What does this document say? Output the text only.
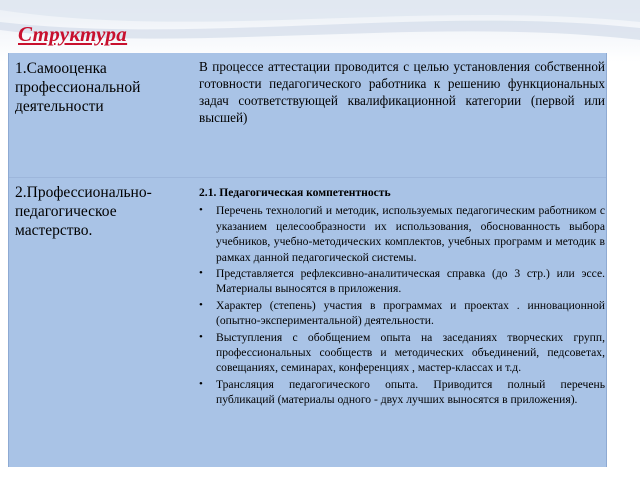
Структура
1.Самооценка профессиональной деятельности
В процессе аттестации проводится с целью установления собственной готовности педагогического работника к решению функциональных задач соответствующей квалификационной категории (первой или высшей)
2.Профессионально-педагогическое мастерство.
2.1. Педагогическая компетентность
• Перечень технологий и методик, используемых педагогическим работником с указанием целесообразности их использования, обоснованность выбора учебников, учебно-методических комплектов, учебных программ и методик в рамках данной педагогической системы.
• Представляется рефлексивно-аналитическая справка (до 3 стр.) или эссе. Материалы выносятся в приложения.
• Характер (степень) участия в программах и проектах . инновационной (опытно-экспериментальной) деятельности.
• Выступления с обобщением опыта на заседаниях творческих групп, профессиональных сообществ и методических объединений, педсоветах, совещаниях, семинарах, конференциях , мастер-классах и т.д.
• Трансляция педагогического опыта. Приводится полный перечень публикаций (материалы одного - двух лучших выносятся в приложения).
